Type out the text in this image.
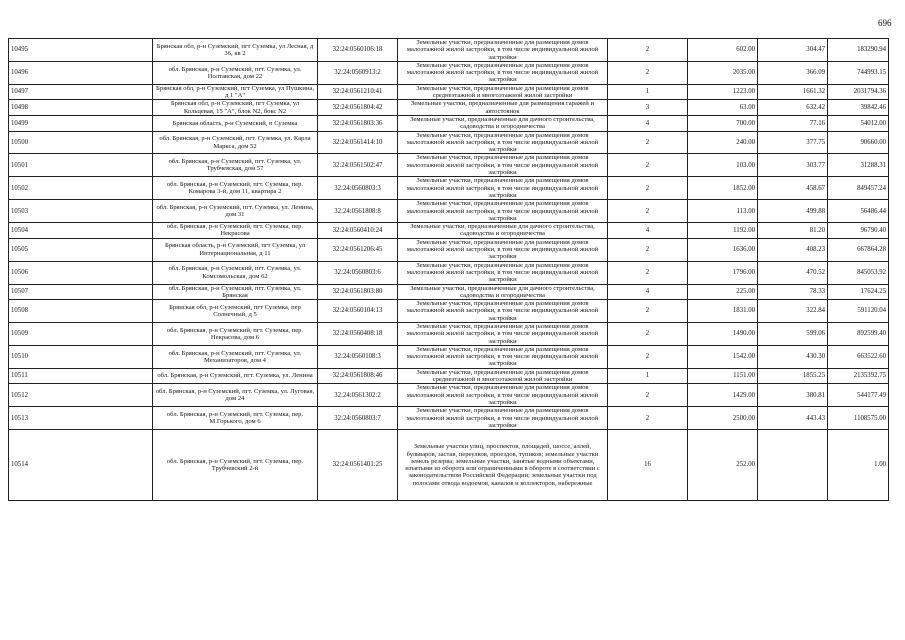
696
10495	Брянская обл, р-н Суземский, пгт Суземка, ул Лесная, д 36, кв 2	32:24:0560106:18	Земельные участки, предназначенные для размещения домов малоэтажной жилой застройки, в том числе индивидуальной жилой застройки	2	602.00	304.47	183290.94
10496	обл. Брянская, р-н Суземский, пгт. Суземка, ул. Полтавская, дом 22	32:24:0560913:2	Земельные участки, предназначенные для размещения домов малоэтажной жилой застройки, в том числе индивидуальной жилой застройки	2	2035.00	366.09	744993.15
10497	Брянская обл, р-н Суземский, пгт Суземка, ул Пушкина, д 1 "А"	32:24:0561210:41	Земельные участки, предназначенные для размещения домов среднеэтажной и многоэтажной жилой застройки	1	1223.00	1661.32	2031794.36
10498	Брянская обл, р-н Суземский, пгт Суземка, ул Кольцевая, 15 "А", блок N2, бокс N2	32:24:0561804:42	Земельные участки, предназначенные для размещения гаражей и автостоянок	3	63.00	632.42	39842.46
10499	Брянская область, р-н Суземский, п Суземка	32:24:0561803:36	Земельные участки, предназначенные для дачного строительства, садоводства и огородничества	4	700.00	77.16	54012.00
10500	обл. Брянская, р-н Суземский, пгт. Суземка, ул. Карла Маркса, дом 52	32:24:0561414:10	Земельные участки, предназначенные для размещения домов малоэтажной жилой застройки, в том числе индивидуальной жилой застройки	2	240.00	377.75	90660.00
10501	обл. Брянская, р-н Суземский, пгт. Суземка, ул. Трубчевская, дом 57	32:24:0561502:47	Земельные участки, предназначенные для размещения домов малоэтажной жилой застройки, в том числе индивидуальной жилой застройки	2	103.00	303.77	31288.31
10502	обл. Брянская, р-н Суземский, пгт. Суземка, пер. Комарова 3-й, дом 11, квартира 2	32:24:0560803:3	Земельные участки, предназначенные для размещения домов малоэтажной жилой застройки, в том числе индивидуальной жилой застройки	2	1852.00	458.67	849457.24
10503	обл. Брянская, р-н Суземский, пгт. Суземка, ул. Ленина, дом 31	32:24:0561808:8	Земельные участки, предназначенные для размещения домов малоэтажной жилой застройки, в том числе индивидуальной жилой застройки	2	113.00	499.88	56486.44
10504	обл. Брянская, р-н Суземский, пгт. Суземка, пер. Некрасова	32:24:0560410:24	Земельные участки, предназначенные для дачного строительства, садоводства и огородничества	4	1192.00	81.20	96790.40
10505	Брянская область, р-н Суземский, пгт Суземка, ул Интернациональная, д 11	32:24:0561206:45	Земельные участки, предназначенные для размещения домов малоэтажной жилой застройки, в том числе индивидуальной жилой застройки	2	1636.00	408.23	667864.28
10506	обл. Брянская, р-н Суземский, пгт. Суземка, ул. Комсомольская, дом 62	32:24:0560803:6	Земельные участки, предназначенные для размещения домов малоэтажной жилой застройки, в том числе индивидуальной жилой застройки	2	1796.00	470.52	845053.92
10507	обл. Брянская, р-н Суземский, пгт. Суземка, ул. Брянская	32:24:0561803:80	Земельные участки, предназначенные для дачного строительства, садоводства и огородничества	4	225.00	78.33	17624.25
10508	Брянская обл, р-н Суземский, пгт Суземка, пер Солнечный, д 5	32:24:0560104:13	Земельные участки, предназначенные для размещения домов малоэтажной жилой застройки, в том числе индивидуальной жилой застройки	2	1831.00	322.84	591120.04
10509	обл. Брянская, р-н Суземский, пгт. Суземка, пер. Некрасова, дом 6	32:24:0560408:18	Земельные участки, предназначенные для размещения домов малоэтажной жилой застройки, в том числе индивидуальной жилой застройки	2	1490.00	599.06	892599.40
10510	обл. Брянская, р-н Суземский, пгт. Суземка, ул. Механизаторов, дом 4	32:24:0560108:3	Земельные участки, предназначенные для размещения домов малоэтажной жилой застройки, в том числе индивидуальной жилой застройки	2	1542.00	430.30	663522.60
10511	обл. Брянская, р-н Суземский, пгт. Суземка, ул. Ленина	32:24:0561808:46	Земельные участки, предназначенные для размещения домов среднеэтажной и многоэтажной жилой застройки	1	1151.00	1855.25	2135392.75
10512	обл. Брянская, р-н Суземский, пгт. Суземка, ул. Луговая, дом 24	32:24:0561302:2	Земельные участки, предназначенные для размещения домов малоэтажной жилой застройки, в том числе индивидуальной жилой застройки	2	1429.00	380.81	544177.49
10513	обл. Брянская, р-н Суземский, пгт. Суземка, пер. М.Горького, дом 6	32:24:0560803:7	Земельные участки, предназначенные для размещения домов малоэтажной жилой застройки, в том числе индивидуальной жилой застройки	2	2500.00	443.43	1108575.00
10514	обл. Брянская, р-н Суземский, пгт. Суземка, пер. Трубчевский 2-й	32:24:0561401:25	Земельные участки улиц, проспектов, площадей, шоссе, аллей, бульваров, застав, переулков, проездов, тупиков; земельные участки земель резерва; земельные участки, занятые водными объектами, изъятыми из оборота или ограниченными в обороте в соответствии с законодательством Российской Федерации; земельные участки под полосами отвода водоемов, каналов и коллекторов, набережные	16	252.00		1.00
